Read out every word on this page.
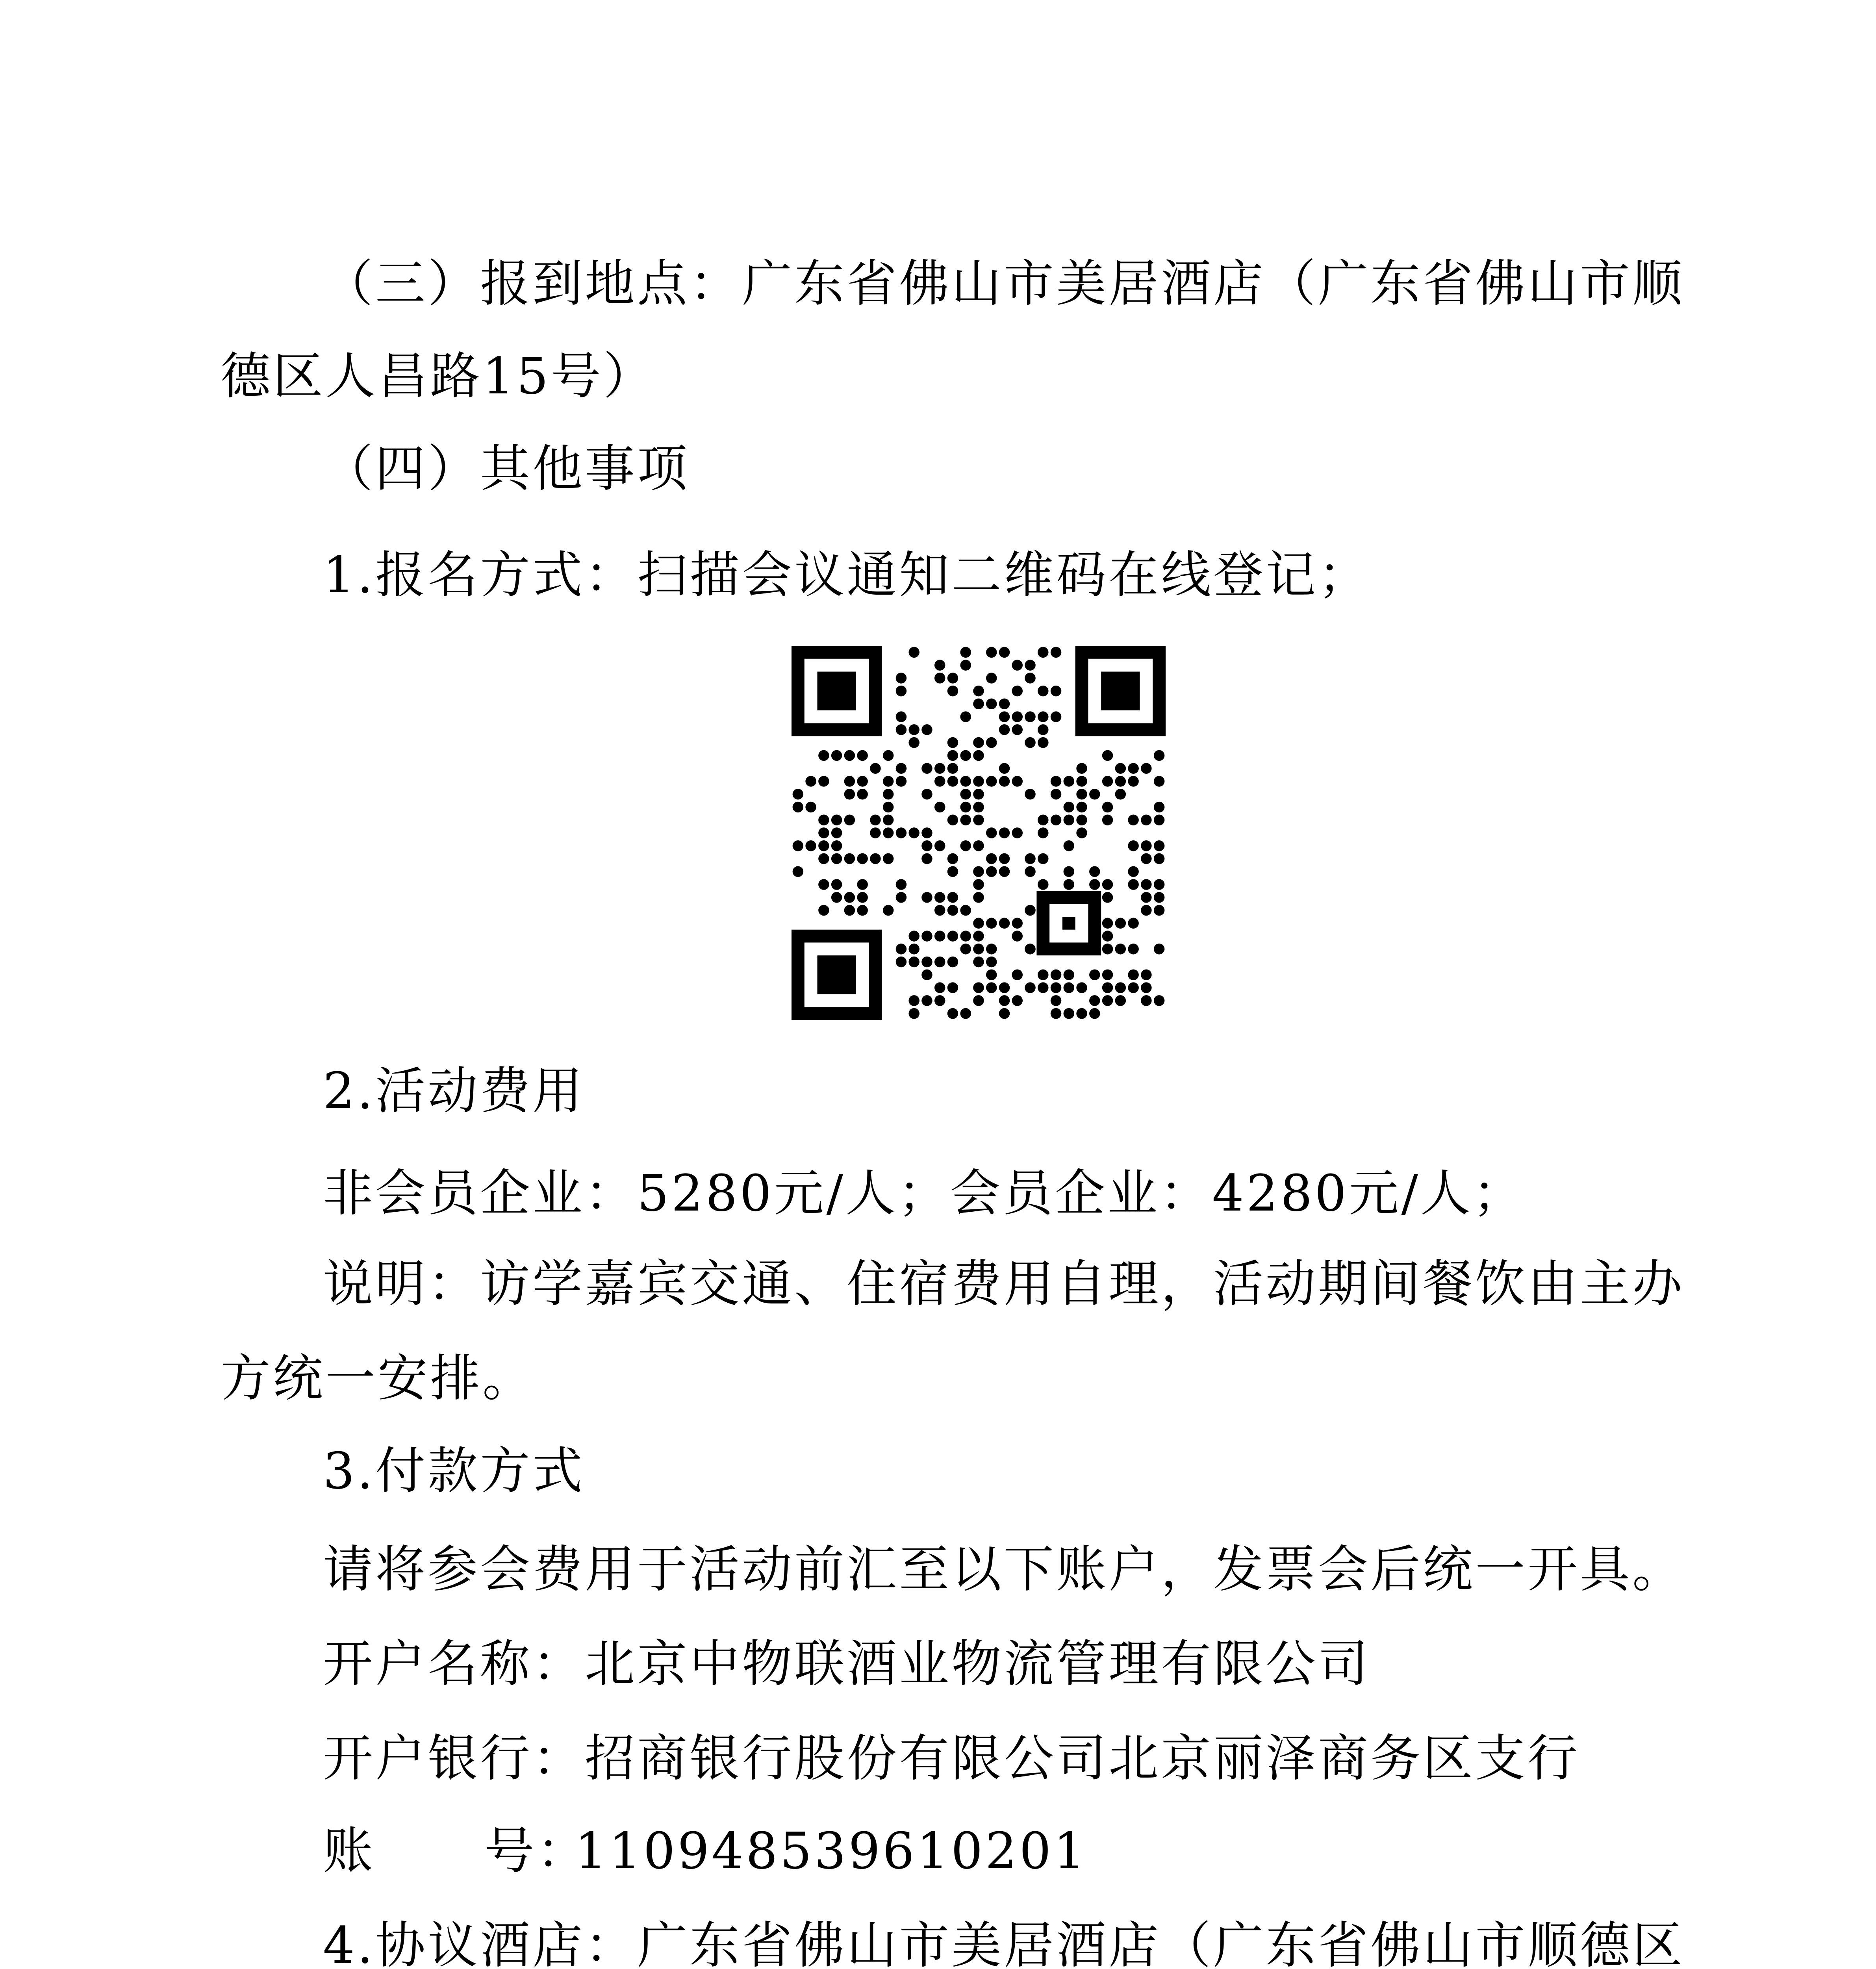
（三）报到地点：广东省佛山市美居酒店（广东省佛山市顺
德区人昌路15号）
（四）其他事项
1.报名方式：扫描会议通知二维码在线登记；
2.活动费用
非会员企业：5280元/人；会员企业：4280元/人；
说明：访学嘉宾交通、住宿费用自理，活动期间餐饮由主办
方统一安排。
3.付款方式
请将参会费用于活动前汇至以下账户，发票会后统一开具。
开户名称：北京中物联酒业物流管理有限公司
开户银行：招商银行股份有限公司北京丽泽商务区支行
账 号：
110948539610201
4.协议酒店：广东省佛山市美居酒店（广东省佛山市顺德区
